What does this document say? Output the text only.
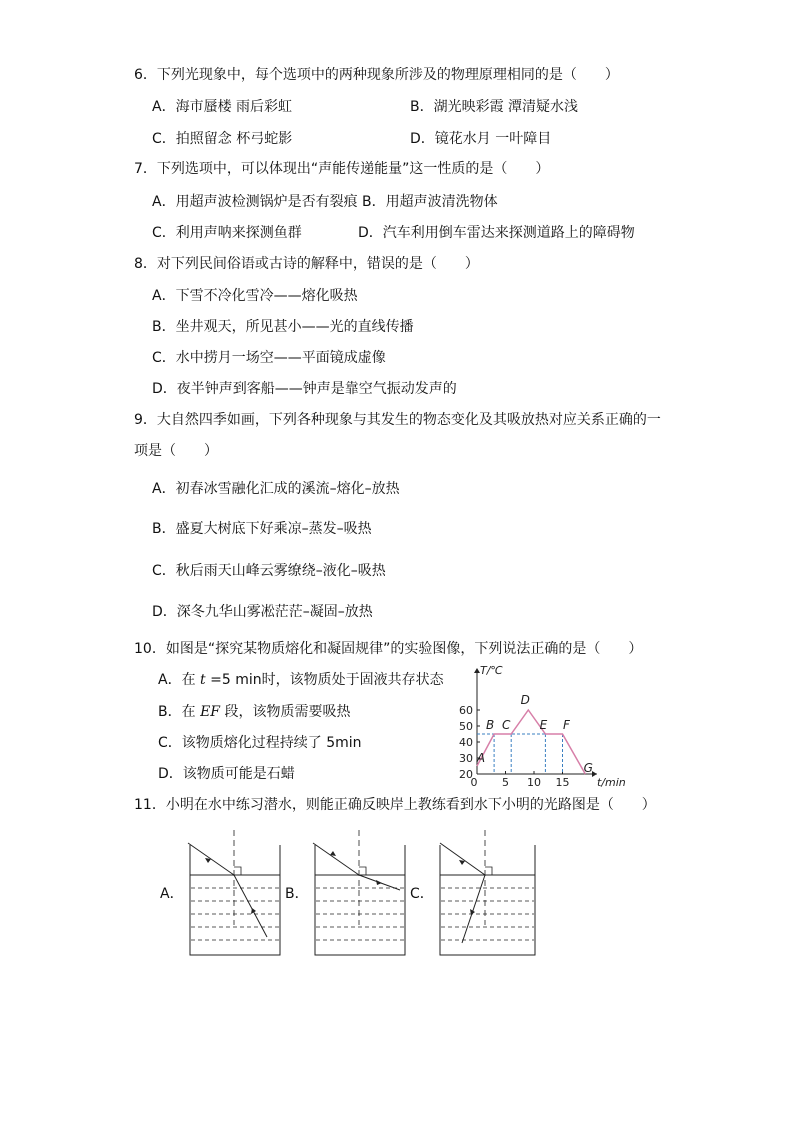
6．下列光现象中，每个选项中的两种现象所涉及的物理原理相同的是（　　）
A．海市蜃楼 雨后彩虹	B．湖光映彩霞 潭清疑水浅
C．拍照留念 杯弓蛇影	D．镜花水月 一叶障目
7．下列选项中，可以体现出“声能传递能量”这一性质的是（　　）
A．用超声波检测锅炉是否有裂痕 B．用超声波清洗物体
C．利用声呐来探测鱼群	D．汽车利用倒车雷达来探测道路上的障碍物
8．对下列民间俗语或古诗的解释中，错误的是（　　）
A．下雪不冷化雪冷——熔化吸热
B．坐井观天，所见甚小——光的直线传播
C．水中捞月一场空——平面镜成虚像
D．夜半钟声到客船——钟声是靠空气振动发声的
9．大自然四季如画，下列各种现象与其发生的物态变化及其吸放热对应关系正确的一
项是（　　）
A．初春冰雪融化汇成的溪流–熔化–放热
B．盛夏大树底下好乘凉–蒸发–吸热
C．秋后雨天山峰云雾缭绕–液化–吸热
D．深冬九华山雾凇茫茫–凝固–放热
10．如图是“探究某物质熔化和凝固规律”的实验图像，下列说法正确的是（　　）
A．在 t =5 min时，该物质处于固液共存状态
B．在 EF 段，该物质需要吸热
C．该物质熔化过程持续了 5min
D．该物质可能是石蜡	20
30
40
50
60
0 5 10 15
T/℃
t/min
A
B C
D
E F
G
11．小明在水中练习潜水，则能正确反映岸上教练看到水下小明的光路图是（　　）
A．	B．	C．
